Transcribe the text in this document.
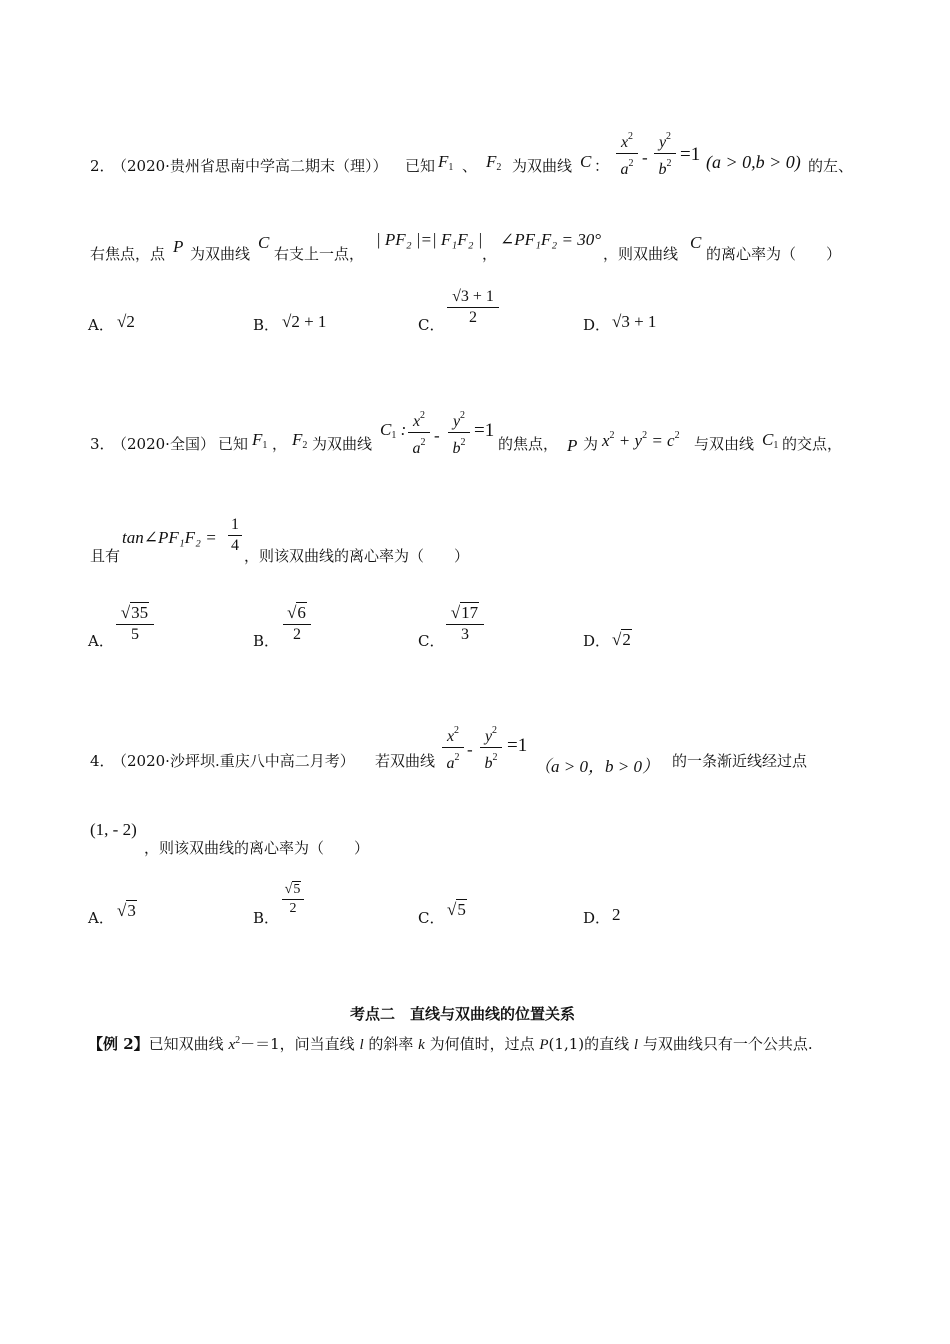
2．
（2020·贵州省思南中学高二期末（理）） 已知 $F_1$ 、 $F_2$ 为双曲线 C ：
$x^2$
$a^2$ -
$y^2$
$b^2 =1$ (a > 0,b > 0) 的左、
右焦点，点 P 为双曲线
C
右支上一点，
| PF₂ |=| F₁F₂ |
，
∠PF₁F₂ = 30°
，则双曲线
C
的离心率为（　　）
A． √2	B． √2 + 1	C．
√3 + 1
2	D． √3 + 1
3．
（2020·全国） 已知 $F_1$ ， $F_2$ 为双曲线
$C_1$ : $x^2$
$a^2$ -
$y^2$
$b^2$
=1
的焦点， P 为 $x^2 + y^2 = c^2$ 与双由线 $C_1$ 的交点，
且有
tan∠PF₁F₂ =
1
4
，则该双曲线的离心率为（　　）
A．
√35
5	B．
√6
2	C．
√17
3	D． √2
4．
（2020·沙坪坝.重庆八中高二月考） 若双曲线
$x^2$
$a^2$ -
$y^2$
$b^2$
=1
（a > 0，b > 0） 的一条渐近线经过点
(1, - 2)
，则该双曲线的离心率为（　　）
A． √3	B．
√5
2
C． √5	D． 2
考点二　直线与双曲线的位置关系
【例 2】已知双曲线 $x^2-=1$，问当直线 l 的斜率 k 为何值时，过点 P(1,1)的直线 l 与双曲线只有一个公共点.
